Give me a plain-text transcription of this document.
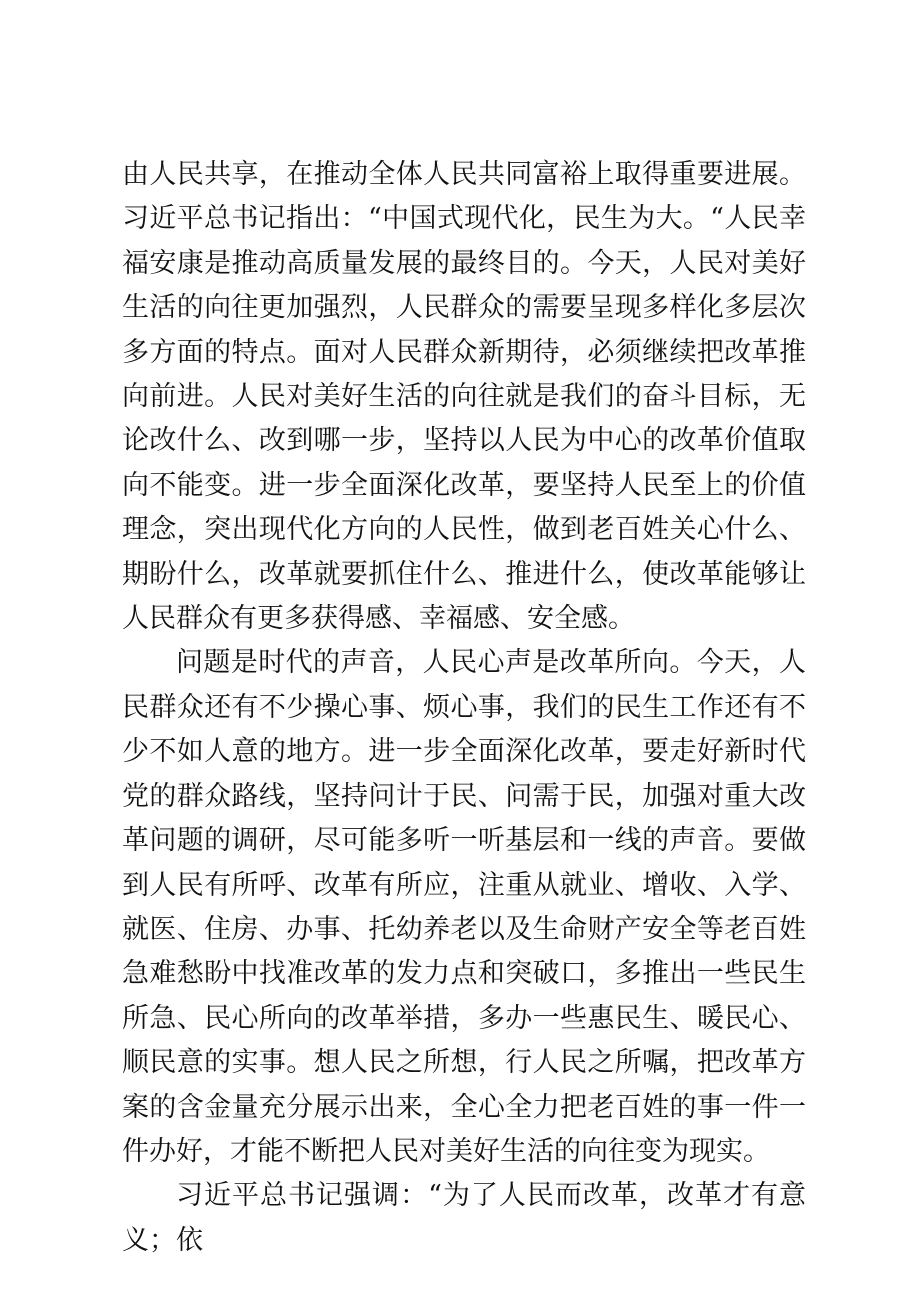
由人民共享，在推动全体人民共同富裕上取得重要进展。习近平总书记指出：“中国式现代化，民生为大。“人民幸福安康是推动高质量发展的最终目的。今天，人民对美好生活的向往更加强烈，人民群众的需要呈现多样化多层次多方面的特点。面对人民群众新期待，必须继续把改革推向前进。人民对美好生活的向往就是我们的奋斗目标，无论改什么、改到哪一步，坚持以人民为中心的改革价值取向不能变。进一步全面深化改革，要坚持人民至上的价值理念，突出现代化方向的人民性，做到老百姓关心什么、期盼什么，改革就要抓住什么、推进什么，使改革能够让人民群众有更多获得感、幸福感、安全感。

问题是时代的声音，人民心声是改革所向。今天，人民群众还有不少操心事、烦心事，我们的民生工作还有不少不如人意的地方。进一步全面深化改革，要走好新时代党的群众路线，坚持问计于民、问需于民，加强对重大改革问题的调研，尽可能多听一听基层和一线的声音。要做到人民有所呼、改革有所应，注重从就业、增收、入学、就医、住房、办事、托幼养老以及生命财产安全等老百姓急难愁盼中找准改革的发力点和突破口，多推出一些民生所急、民心所向的改革举措，多办一些惠民生、暖民心、顺民意的实事。想人民之所想，行人民之所嘱，把改革方案的含金量充分展示出来，全心全力把老百姓的事一件一件办好，才能不断把人民对美好生活的向往变为现实。

习近平总书记强调：“为了人民而改革，改革才有意义；依
